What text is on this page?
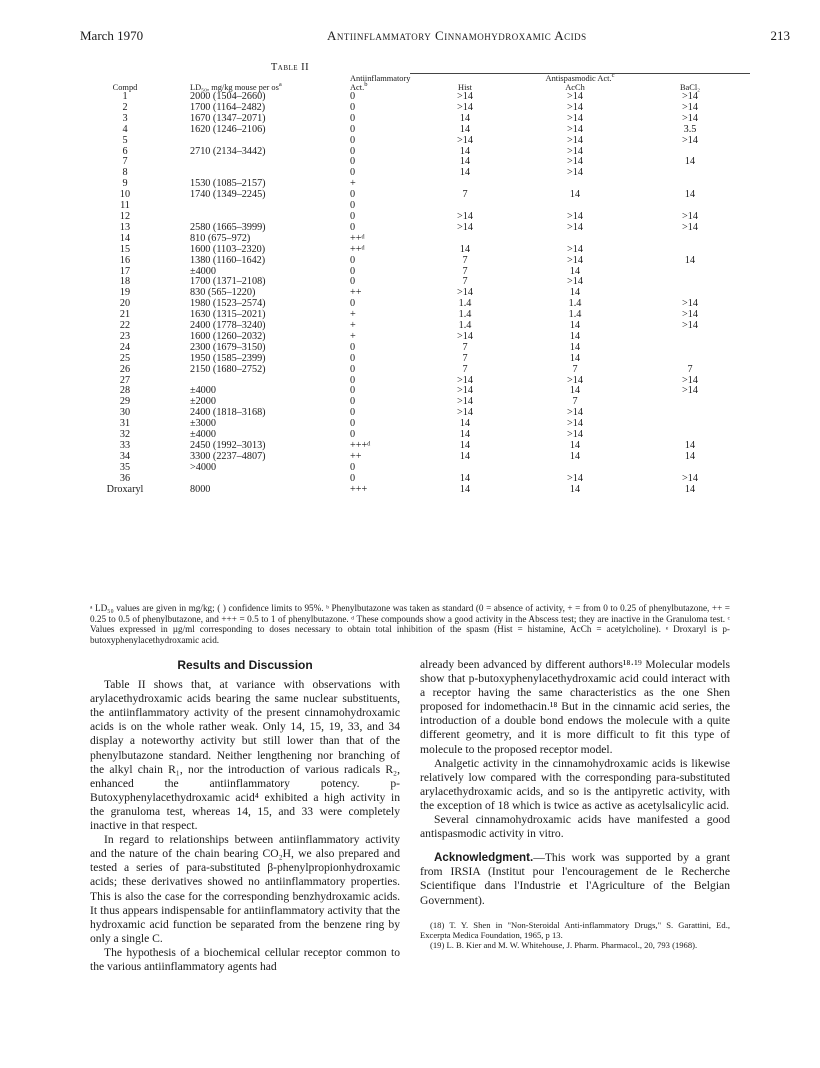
March 1970	Antiinflammatory Cinnamohydroxamic Acids	213
Table II
Compd	LD₅₀, mg/kg mouse per $os^a$	Antiinflammatory Act.$^b$	Antispasmodic Act.$^c$
			Hist	AcCh	BaCl₂
1	2000 (1504–2660)	0	>14	>14	>14
2	1700 (1164–2482)	0	>14	>14	>14
3	1670 (1347–2071)	0	14	>14	>14
4	1620 (1246–2106)	0	14	>14	3.5
5		0	>14	>14	>14
6	2710 (2134–3442)	0	14	>14	
7		0	14	>14	14
8		0	14	>14	
9	1530 (1085–2157)	+			
10	1740 (1349–2245)	0	7	14	14
11		0			
12		0	>14	>14	>14
13	2580 (1665–3999)	0	>14	>14	>14
14	810 (675–972)	++ᵈ			
15	1600 (1103–2320)	++ᵈ	14	>14	
16	1380 (1160–1642)	0	7	>14	14
17	±4000	0	7	14	
18	1700 (1371–2108)	0	7	>14	
19	830 (565–1220)	++	>14	14	
20	1980 (1523–2574)	0	1.4	1.4	>14
21	1630 (1315–2021)	+	1.4	1.4	>14
22	2400 (1778–3240)	+	1.4	14	>14
23	1600 (1260–2032)	+	>14	14	
24	2300 (1679–3150)	0	7	14	
25	1950 (1585–2399)	0	7	14	
26	2150 (1680–2752)	0	7	7	7
27		0	>14	>14	>14
28	±4000	0	>14	14	>14
29	±2000	0	>14	7	
30	2400 (1818–3168)	0	>14	>14	
31	±3000	0	14	>14	
32	±4000	0	14	>14	
33	2450 (1992–3013)	+++ᵈ	14	14	14
34	3300 (2237–4807)	++	14	14	14
35	>4000	0			
36		0	14	>14	>14
Droxaryl	8000	+++	14	14	14
ᵃ LD₅₀ values are given in mg/kg; ( ) confidence limits to 95%. ᵇ Phenylbutazone was taken as standard (0 = absence of activity, + = from 0 to 0.25 of phenylbutazone, ++ = 0.25 to 0.5 of phenylbutazone, and +++ = 0.5 to 1 of phenylbutazone. ᵈ These compounds show a good activity in the Abscess test; they are inactive in the Granuloma test. ᶜ Values expressed in µg/ml corresponding to doses necessary to obtain total inhibition of the spasm (Hist = histamine, AcCh = acetylcholine). ᵉ Droxaryl is p-butoxyphenylacethydroxamic acid.
Results and Discussion

Table II shows that, at variance with observations with arylacethydroxamic acids bearing the same nuclear substituents, the antiinflammatory activity of the present cinnamohydroxamic acids is on the whole rather weak. Only 14, 15, 19, 33, and 34 display a noteworthy activity but still lower than that of the phenylbutazone standard. Neither lengthening nor branching of the alkyl chain R₁, nor the introduction of various radicals R₂, enhanced the antiinflammatory potency. p-Butoxyphenylacethydroxamic acid⁴ exhibited a high activity in the granuloma test, whereas 14, 15, and 33 were completely inactive in that respect.

In regard to relationships between antiinflammatory activity and the nature of the chain bearing CO₂H, we also prepared and tested a series of para-substituted β-phenylpropionhydroxamic acids; these derivatives showed no antiinflammatory properties. This is also the case for the corresponding benzhydroxamic acids. It thus appears indispensable for antiinflammatory activity that the hydroxamic acid function be separated from the benzene ring by only a single C.

The hypothesis of a biochemical cellular receptor common to the various antiinflammatory agents had

already been advanced by different authors¹⁸·¹⁹ Molecular models show that p-butoxyphenylacethydroxamic acid could interact with a receptor having the same characteristics as the one Shen proposed for indomethacin.¹⁸ But in the cinnamic acid series, the introduction of a double bond endows the molecule with a quite different geometry, and it is more difficult to fit this type of molecule to the proposed receptor model.

Analgetic activity in the cinnamohydroxamic acids is likewise relatively low compared with the corresponding para-substituted arylacethydroxamic acids, and so is the antipyretic activity, with the exception of 18 which is twice as active as acetylsalicylic acid.

Several cinnamohydroxamic acids have manifested a good antispasmodic activity in vitro.

Acknowledgment.—This work was supported by a grant from IRSIA (Institut pour l'encouragement de le Recherche Scientifique dans l'Industrie et l'Agriculture of the Belgian Government).

(18) T. Y. Shen in "Non-Steroidal Anti-inflammatory Drugs," S. Garattini, Ed., Excerpta Medica Foundation, 1965, p 13.

(19) L. B. Kier and M. W. Whitehouse, J. Pharm. Pharmacol., 20, 793 (1968).
